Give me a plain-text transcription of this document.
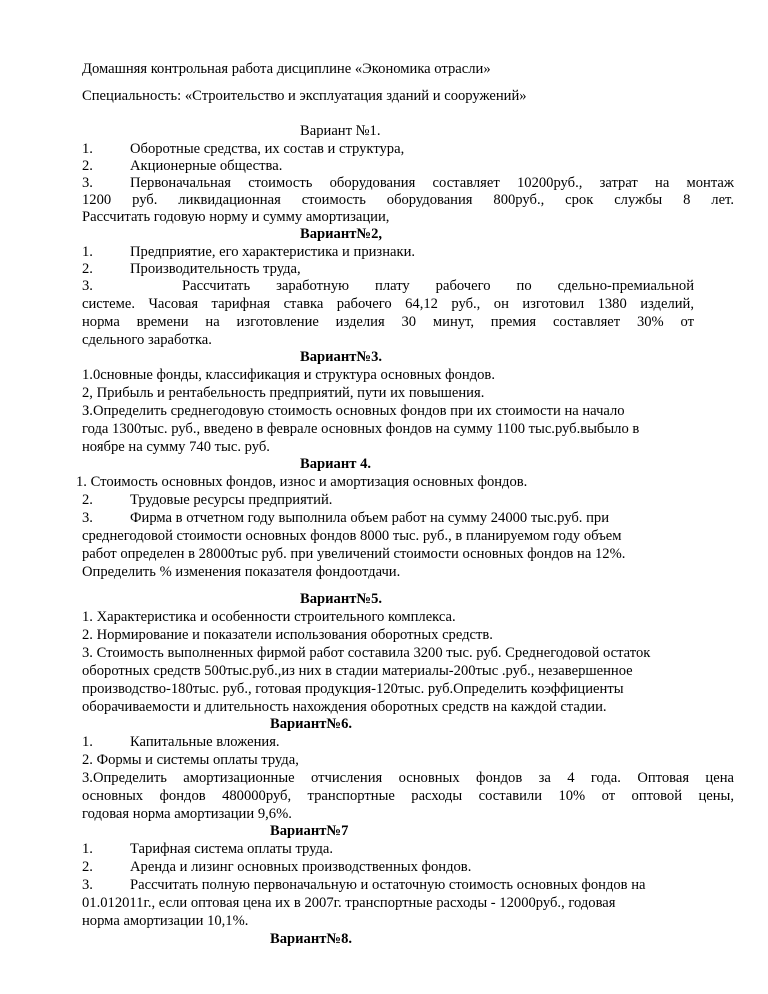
Домашняя контрольная работа дисциплине «Экономика отрасли»
Специальность: «Строительство и эксплуатация зданий и сооружений»
Вариант №1.
1.	Оборотные средства, их состав и структура,
2.	Акционерные общества.
3.	Первоначальная стоимость оборудования составляет 10200руб., затрат на монтаж
1200 руб. ликвидационная стоимость оборудования 800руб., срок службы 8 лет.
Рассчитать годовую норму и сумму амортизации,
Вариант№2,
1.	Предприятие, его характеристика и признаки.
2.	Производительность труда,
3.	Рассчитать заработную плату рабочего по сдельно-премиальной
системе. Часовая тарифная ставка рабочего 64,12 руб., он изготовил 1380 изделий,
норма времени на изготовление изделия 30 минут, премия составляет 30% от
сдельного заработка.
Вариант№3.
1.0сновные фонды, классификация и структура основных фондов.
2, Прибыль и рентабельность предприятий, пути их повышения.
З.Определить среднегодовую стоимость основных фондов при их стоимости на начало
года 1300тыс. руб., введено в феврале основных фондов на сумму 1100 тыс.руб.выбыло в
ноябре на сумму 740 тыс. руб.
Вариант 4.
1. Стоимость основных фондов, износ и амортизация основных фондов.
2.	Трудовые ресурсы предприятий.
3.	Фирма в отчетном году выполнила объем работ на сумму 24000 тыс.руб. при
среднегодовой стоимости основных фондов 8000 тыс. руб., в планируемом году объем
работ определен в 28000тыс руб. при увеличений стоимости основных фондов на 12%.
Определить % изменения показателя фондоотдачи.
Вариант№5.
1. Характеристика и особенности строительного комплекса.
2. Нормирование и показатели использования оборотных средств.
3. Стоимость выполненных фирмой работ составила 3200 тыс. руб. Среднегодовой остаток
оборотных средств 500тыс.руб.,из них в стадии материалы-200тыс .руб., незавершенное
производство-180тыс. руб., готовая продукция-120тыс. руб.Определить коэффициенты
оборачиваемости и длительность нахождения оборотных средств на каждой стадии.
Вариант№6.
1.	Капитальные вложения.
2. Формы и системы оплаты труда,
3.Определить амортизационные отчисления основных фондов за 4 года. Оптовая цена
основных фондов 480000руб, транспортные расходы составили 10% от оптовой цены,
годовая норма амортизации 9,6%.
Вариант№7
1.	Тарифная система оплаты труда.
2.	Аренда и лизинг основных производственных фондов.
3.	Рассчитать полную первоначальную и остаточную стоимость основных фондов на
01.012011г., если оптовая цена их в 2007г. транспортные расходы - 12000руб., годовая
норма амортизации 10,1%.
Вариант№8.
